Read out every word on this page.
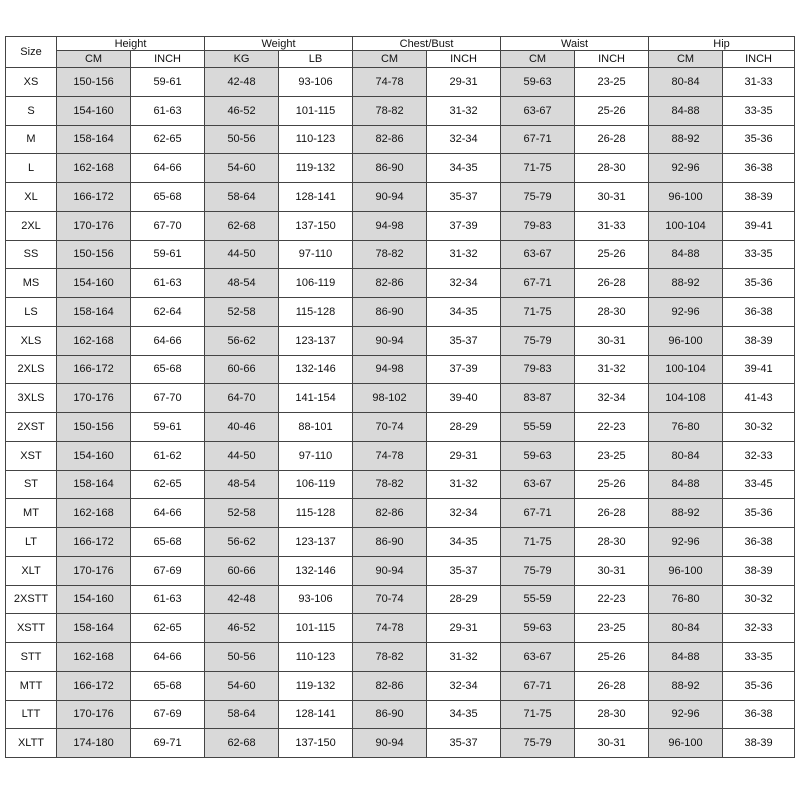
Size	Height		Weight		Chest/Bust		Waist		Hip	
	CM	INCH	KG	LB	CM	INCH	CM	INCH	CM	INCH
XS	150-156	59-61	42-48	93-106	74-78	29-31	59-63	23-25	80-84	31-33
S	154-160	61-63	46-52	101-115	78-82	31-32	63-67	25-26	84-88	33-35
M	158-164	62-65	50-56	110-123	82-86	32-34	67-71	26-28	88-92	35-36
L	162-168	64-66	54-60	119-132	86-90	34-35	71-75	28-30	92-96	36-38
XL	166-172	65-68	58-64	128-141	90-94	35-37	75-79	30-31	96-100	38-39
2XL	170-176	67-70	62-68	137-150	94-98	37-39	79-83	31-33	100-104	39-41
SS	150-156	59-61	44-50	97-110	78-82	31-32	63-67	25-26	84-88	33-35
MS	154-160	61-63	48-54	106-119	82-86	32-34	67-71	26-28	88-92	35-36
LS	158-164	62-64	52-58	115-128	86-90	34-35	71-75	28-30	92-96	36-38
XLS	162-168	64-66	56-62	123-137	90-94	35-37	75-79	30-31	96-100	38-39
2XLS	166-172	65-68	60-66	132-146	94-98	37-39	79-83	31-32	100-104	39-41
3XLS	170-176	67-70	64-70	141-154	98-102	39-40	83-87	32-34	104-108	41-43
2XST	150-156	59-61	40-46	88-101	70-74	28-29	55-59	22-23	76-80	30-32
XST	154-160	61-62	44-50	97-110	74-78	29-31	59-63	23-25	80-84	32-33
ST	158-164	62-65	48-54	106-119	78-82	31-32	63-67	25-26	84-88	33-45
MT	162-168	64-66	52-58	115-128	82-86	32-34	67-71	26-28	88-92	35-36
LT	166-172	65-68	56-62	123-137	86-90	34-35	71-75	28-30	92-96	36-38
XLT	170-176	67-69	60-66	132-146	90-94	35-37	75-79	30-31	96-100	38-39
2XSTT	154-160	61-63	42-48	93-106	70-74	28-29	55-59	22-23	76-80	30-32
XSTT	158-164	62-65	46-52	101-115	74-78	29-31	59-63	23-25	80-84	32-33
STT	162-168	64-66	50-56	110-123	78-82	31-32	63-67	25-26	84-88	33-35
MTT	166-172	65-68	54-60	119-132	82-86	32-34	67-71	26-28	88-92	35-36
LTT	170-176	67-69	58-64	128-141	86-90	34-35	71-75	28-30	92-96	36-38
XLTT	174-180	69-71	62-68	137-150	90-94	35-37	75-79	30-31	96-100	38-39
